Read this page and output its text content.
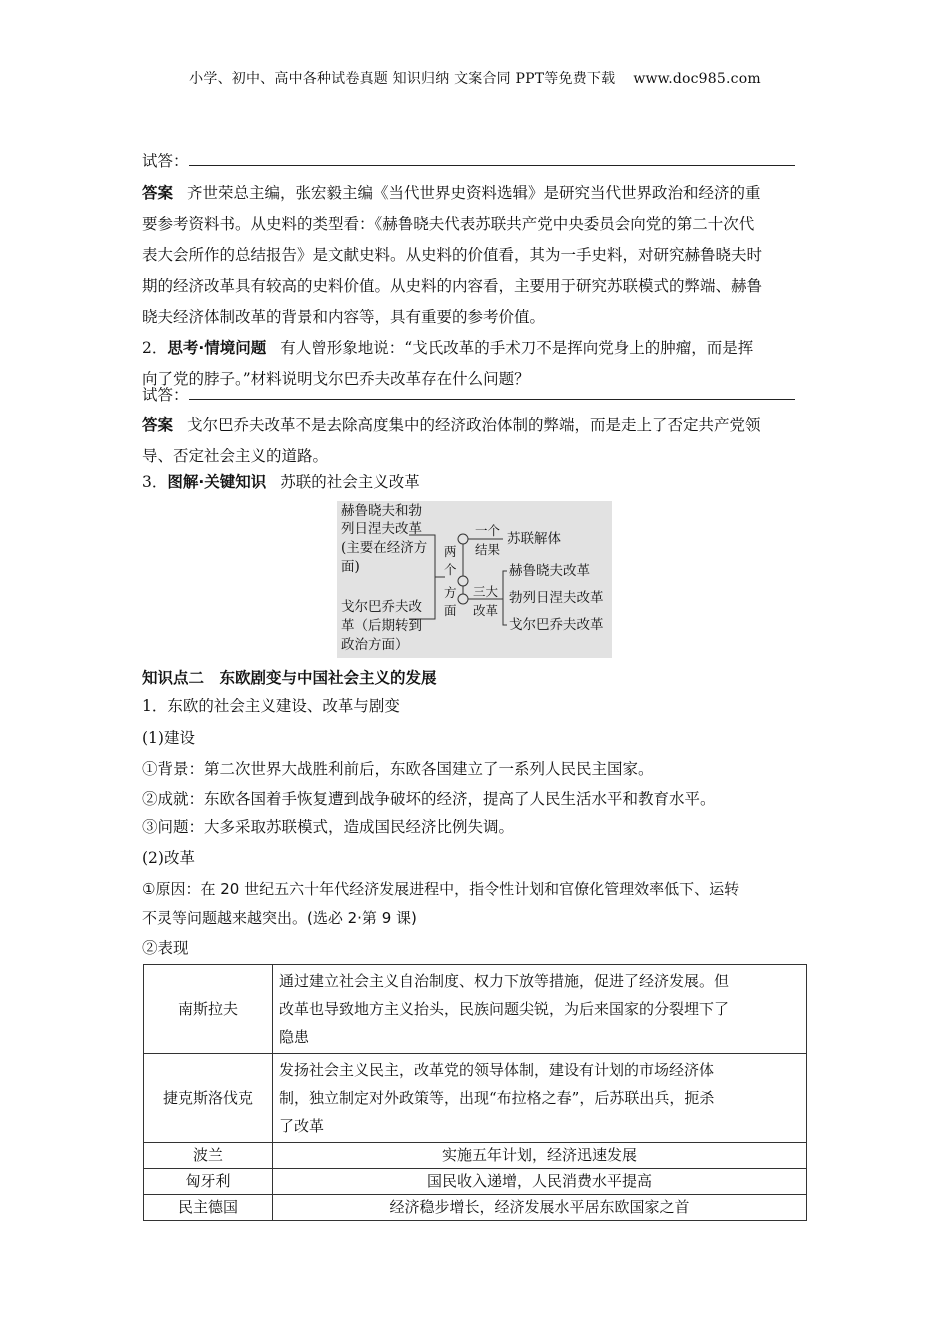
小学、初中、高中各种试卷真题 知识归纳 文案合同 PPT等免费下载 www.doc985.com
试答：
答案 齐世荣总主编，张宏毅主编《当代世界史资料选辑》是研究当代世界政治和经济的重
要参考资料书。从史料的类型看：《赫鲁晓夫代表苏联共产党中央委员会向党的第二十次代
表大会所作的总结报告》是文献史料。从史料的价值看，其为一手史料，对研究赫鲁晓夫时
期的经济改革具有较高的史料价值。从史料的内容看，主要用于研究苏联模式的弊端、赫鲁
晓夫经济体制改革的背景和内容等，具有重要的参考价值。
2．思考·情境问题 有人曾形象地说：“戈氏改革的手术刀不是挥向党身上的肿瘤，而是挥
向了党的脖子。”材料说明戈尔巴乔夫改革存在什么问题？
试答：
答案 戈尔巴乔夫改革不是去除高度集中的经济政治体制的弊端，而是走上了否定共产党领
导、否定社会主义的道路。
3．图解·关键知识 苏联的社会主义改革
赫鲁晓夫和勃
列日涅夫改革
(主要在经济方
面)
戈尔巴乔夫改
革（后期转到
政治方面）
两
个
方
面
一个
结果
苏联解体
三大
改革
赫鲁晓夫改革
勃列日涅夫改革
戈尔巴乔夫改革
知识点二　东欧剧变与中国社会主义的发展
1．东欧的社会主义建设、改革与剧变
(1)建设
①背景：第二次世界大战胜利前后，东欧各国建立了一系列人民民主国家。
②成就：东欧各国着手恢复遭到战争破坏的经济，提高了人民生活水平和教育水平。
③问题：大多采取苏联模式，造成国民经济比例失调。
(2)改革
①原因：在 20 世纪五六十年代经济发展进程中，指令性计划和官僚化管理效率低下、运转
不灵等问题越来越突出。(选必 2·第 9 课)
②表现
南斯拉夫	通过建立社会主义自治制度、权力下放等措施，促进了经济发展。但
改革也导致地方主义抬头，民族问题尖锐，为后来国家的分裂埋下了
隐患

捷克斯洛伐克	发扬社会主义民主，改革党的领导体制，建设有计划的市场经济体
制，独立制定对外政策等，出现“布拉格之春”，后苏联出兵，扼杀
了改革

波兰	实施五年计划，经济迅速发展
匈牙利	国民收入递增，人民消费水平提高
民主德国	经济稳步增长，经济发展水平居东欧国家之首
